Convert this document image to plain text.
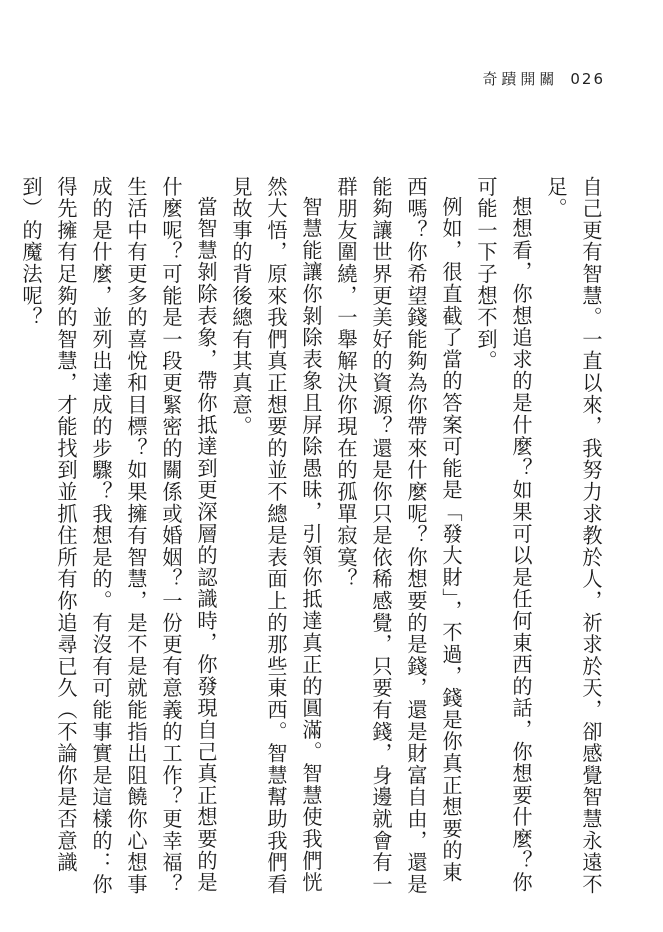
奇蹟開關 026

自己更有智慧。一直以來，我努力求教於人，祈求於天，卻感覺智慧永遠不足。

想想看，你想追求的是什麼？如果可以是任何東西的話，你想要什麼？你可能一下子想不到。

例如，很直截了當的答案可能是「發大財」，不過，錢是你真正想要的東西嗎？你希望錢能夠為你帶來什麼呢？你想要的是錢，還是財富自由，還是能夠讓世界更美好的資源？還是你只是依稀感覺，只要有錢，身邊就會有一群朋友圍繞，一舉解決你現在的孤單寂寞？

智慧能讓你剝除表象且屏除愚昧，引領你抵達真正的圓滿。智慧使我們恍然大悟，原來我們真正想要的並不總是表面上的那些東西。智慧幫助我們看見故事的背後總有其真意。

當智慧剝除表象，帶你抵達到更深層的認識時，你發現自己真正想要的是什麼呢？可能是一段更緊密的關係或婚姻？一份更有意義的工作？更幸福？生活中有更多的喜悅和目標？如果擁有智慧，是不是就能指出阻饒你心想事成的是什麼，並列出達成的步驟？我想是的。有沒有可能事實是這樣的：你得先擁有足夠的智慧，才能找到並抓住所有你追尋已久（不論你是否意識到）的魔法呢？
